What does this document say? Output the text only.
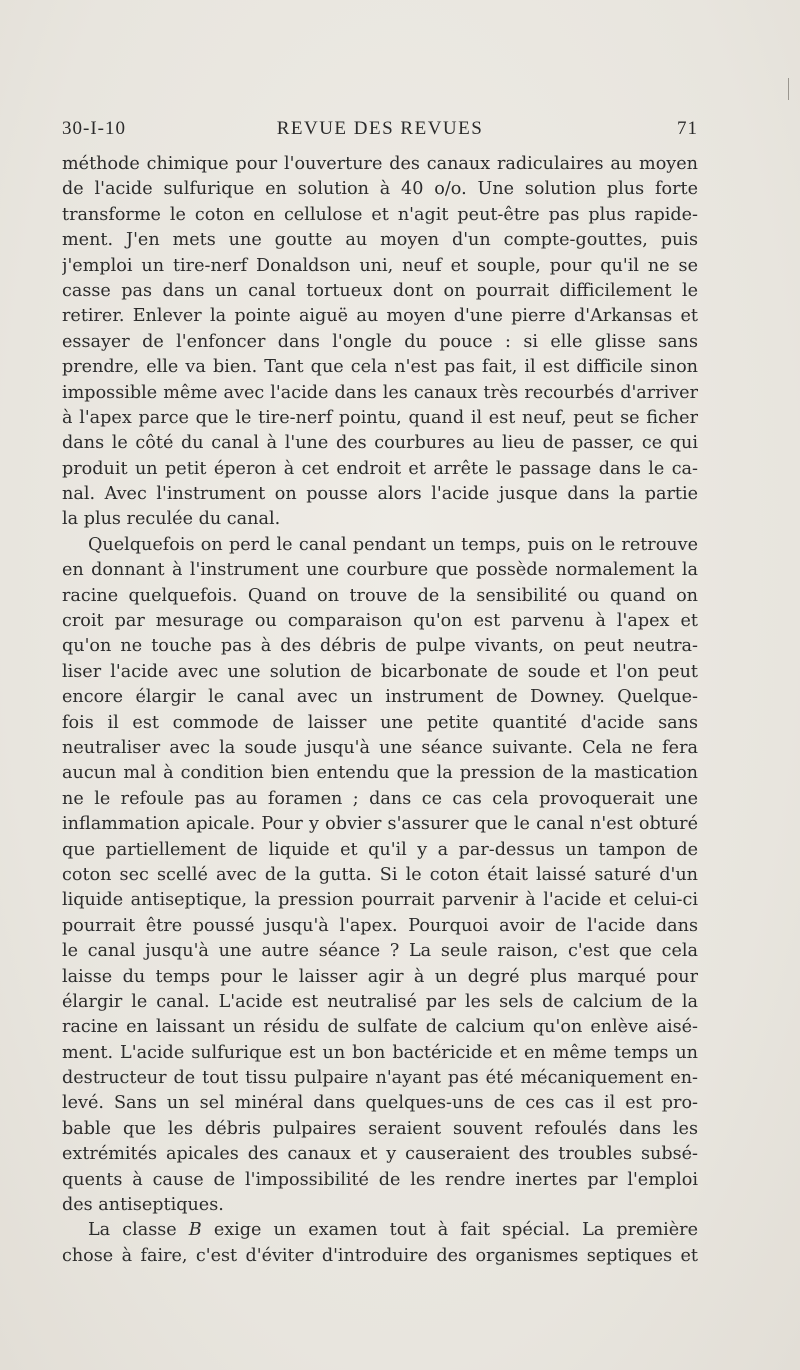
30-I-10	REVUE DES REVUES	71
méthode chimique pour l'ouverture des canaux radiculaires au moyen
de l'acide sulfurique en solution à 40 o/o. Une solution plus forte
transforme le coton en cellulose et n'agit peut-être pas plus rapide-
ment. J'en mets une goutte au moyen d'un compte-gouttes, puis
j'emploi un tire-nerf Donaldson uni, neuf et souple, pour qu'il ne se
casse pas dans un canal tortueux dont on pourrait difficilement le
retirer. Enlever la pointe aiguë au moyen d'une pierre d'Arkansas et
essayer de l'enfoncer dans l'ongle du pouce : si elle glisse sans
prendre, elle va bien. Tant que cela n'est pas fait, il est difficile sinon
impossible même avec l'acide dans les canaux très recourbés d'arriver
à l'apex parce que le tire-nerf pointu, quand il est neuf, peut se ficher
dans le côté du canal à l'une des courbures au lieu de passer, ce qui
produit un petit éperon à cet endroit et arrête le passage dans le ca-
nal. Avec l'instrument on pousse alors l'acide jusque dans la partie
la plus reculée du canal.
Quelquefois on perd le canal pendant un temps, puis on le retrouve
en donnant à l'instrument une courbure que possède normalement la
racine quelquefois. Quand on trouve de la sensibilité ou quand on
croit par mesurage ou comparaison qu'on est parvenu à l'apex et
qu'on ne touche pas à des débris de pulpe vivants, on peut neutra-
liser l'acide avec une solution de bicarbonate de soude et l'on peut
encore élargir le canal avec un instrument de Downey. Quelque-
fois il est commode de laisser une petite quantité d'acide sans
neutraliser avec la soude jusqu'à une séance suivante. Cela ne fera
aucun mal à condition bien entendu que la pression de la mastication
ne le refoule pas au foramen ; dans ce cas cela provoquerait une
inflammation apicale. Pour y obvier s'assurer que le canal n'est obturé
que partiellement de liquide et qu'il y a par-dessus un tampon de
coton sec scellé avec de la gutta. Si le coton était laissé saturé d'un
liquide antiseptique, la pression pourrait parvenir à l'acide et celui-ci
pourrait être poussé jusqu'à l'apex. Pourquoi avoir de l'acide dans
le canal jusqu'à une autre séance ? La seule raison, c'est que cela
laisse du temps pour le laisser agir à un degré plus marqué pour
élargir le canal. L'acide est neutralisé par les sels de calcium de la
racine en laissant un résidu de sulfate de calcium qu'on enlève aisé-
ment. L'acide sulfurique est un bon bactéricide et en même temps un
destructeur de tout tissu pulpaire n'ayant pas été mécaniquement en-
levé. Sans un sel minéral dans quelques-uns de ces cas il est pro-
bable que les débris pulpaires seraient souvent refoulés dans les
extrémités apicales des canaux et y causeraient des troubles subsé-
quents à cause de l'impossibilité de les rendre inertes par l'emploi
des antiseptiques.
La classe B exige un examen tout à fait spécial. La première
chose à faire, c'est d'éviter d'introduire des organismes septiques et
